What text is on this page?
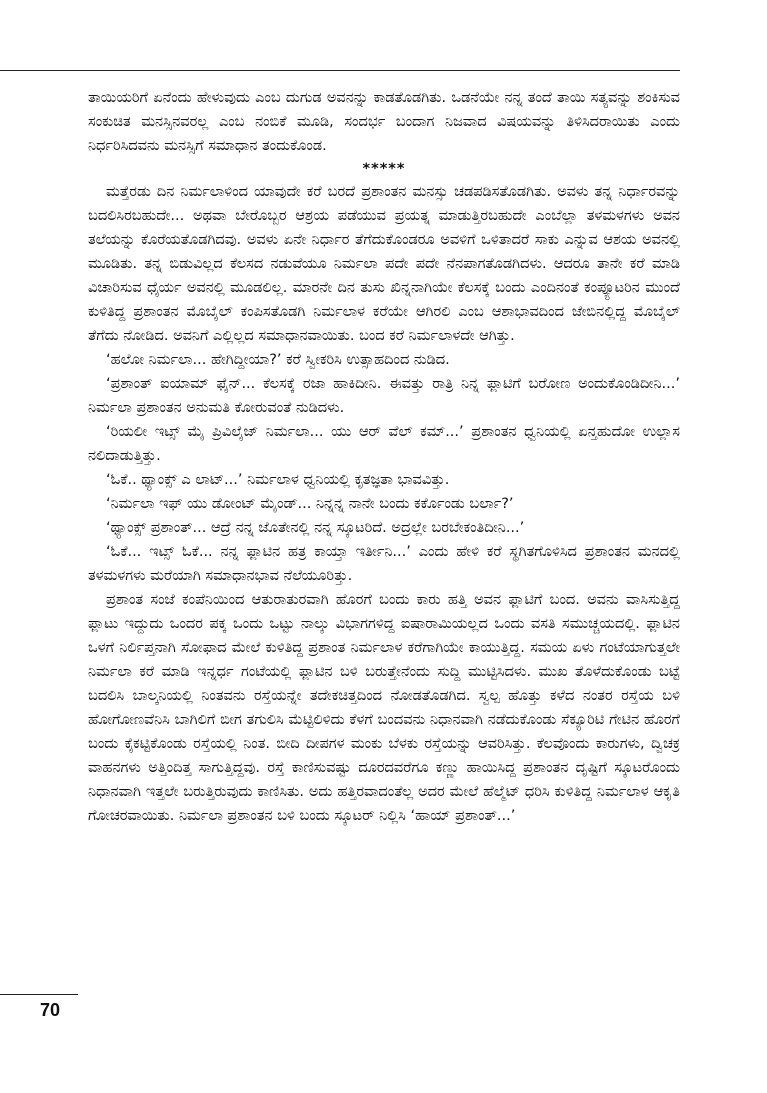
ತಾಯಿಯರಿಗೆ ಏನೆಂದು ಹೇಳುವುದು ಎಂಬ ದುಗುಡ ಅವನನ್ನು ಕಾಡತೊಡಗಿತು. ಒಡನೆಯೇ ನನ್ನ ತಂದೆ ತಾಯಿ ಸತ್ಯವನ್ನು ಶಂಕಿಸುವ ಸಂಕುಚಿತ ಮನಸ್ಸಿನವರಲ್ಲ ಎಂಬ ನಂಬಿಕೆ ಮೂಡಿ, ಸಂದರ್ಭ ಬಂದಾಗ ನಿಜವಾದ ವಿಷಯವನ್ನು ತಿಳಿಸಿದರಾಯಿತು ಎಂದು ನಿರ್ಧರಿಸಿದವನು ಮನಸ್ಸಿಗೆ ಸಮಾಧಾನ ತಂದುಕೊಂಡ.

*****

ಮತ್ತೆರಡು ದಿನ ನಿರ್ಮಲಾಳಿಂದ ಯಾವುದೇ ಕರೆ ಬರದೆ ಪ್ರಶಾಂತನ ಮನಸ್ಸು ಚಡಪಡಿಸತೊಡಗಿತು. ಅವಳು ತನ್ನ ನಿರ್ಧಾರವನ್ನು ಬದಲಿಸಿರಬಹುದೇ... ಅಥವಾ ಬೇರೊಬ್ಬರ ಆಶ್ರಯ ಪಡೆಯುವ ಪ್ರಯತ್ನ ಮಾಡುತ್ತಿರಬಹುದೇ ಎಂಬೆಲ್ಲಾ ತಳಮಳಗಳು ಅವನ ತಲೆಯನ್ನು ಕೊರೆಯತೊಡಗಿದವು. ಅವಳು ಏನೇ ನಿರ್ಧಾರ ತೆಗೆದುಕೊಂಡರೂ ಅವಳಿಗೆ ಒಳಿತಾದರೆ ಸಾಕು ಎನ್ನುವ ಆಶಯ ಅವನಲ್ಲಿ ಮೂಡಿತು. ತನ್ನ ಬಿಡುವಿಲ್ಲದ ಕೆಲಸದ ನಡುವೆಯೂ ನಿರ್ಮಲಾ ಪದೇ ಪದೇ ನೆನಪಾಗತೊಡಗಿದಳು. ಆದರೂ ತಾನೇ ಕರೆ ಮಾಡಿ ವಿಚಾರಿಸುವ ಧೈರ್ಯ ಅವನಲ್ಲಿ ಮೂಡಲಿಲ್ಲ. ಮಾರನೇ ದಿನ ತುಸು ಖಿನ್ನನಾಗಿಯೇ ಕೆಲಸಕ್ಕೆ ಬಂದು ಎಂದಿನಂತೆ ಕಂಪ್ಯೂಟರಿನ ಮುಂದೆ ಕುಳಿತಿದ್ದ ಪ್ರಶಾಂತನ ಮೊಬೈಲ್ ಕಂಪಿಸತೊಡಗಿ ನಿರ್ಮಲಾಳ ಕರೆಯೇ ಆಗಿರಲಿ ಎಂಬ ಆಶಾಭಾವದಿಂದ ಜೇಬಿನಲ್ಲಿದ್ದ ಮೊಬೈಲ್ ತೆಗೆದು ನೋಡಿದ. ಅವನಿಗೆ ಎಲ್ಲಿಲ್ಲದ ಸಮಾಧಾನವಾಯಿತು. ಬಂದ ಕರೆ ನಿರ್ಮಲಾಳದೇ ಆಗಿತ್ತು.

‘ಹಲೋ ನಿರ್ಮಲಾ... ಹೇಗಿದ್ದೀಯಾ?’ ಕರೆ ಸ್ವೀಕರಿಸಿ ಉತ್ಸಾಹದಿಂದ ನುಡಿದ.

‘ಪ್ರಶಾಂತ್ ಐಯಾಮ್ ಫೈನ್... ಕೆಲಸಕ್ಕೆ ರಜಾ ಹಾಕಿದೀನಿ. ಈವತ್ತು ರಾತ್ರಿ ನಿನ್ನ ಫ್ಲಾಟಿಗೆ ಬರೋಣ ಅಂದುಕೊಂಡಿದೀನಿ...’ ನಿರ್ಮಲಾ ಪ್ರಶಾಂತನ ಅನುಮತಿ ಕೋರುವಂತೆ ನುಡಿದಳು.

‘ರಿಯಲೀ ಇಟ್ಸ್ ಮೈ ಪ್ರಿವಿಲೈಜ್ ನಿರ್ಮಲಾ... ಯು ಆರ್ ವೆಲ್ ಕಮ್...’ ಪ್ರಶಾಂತನ ಧ್ವನಿಯಲ್ಲಿ ಏನ್ತಹುದೋ ಉಲ್ಲಾಸ ನಲಿದಾಡುತ್ತಿತ್ತು.

‘ಓಕೆ.. ಥ್ಯಾಂಕ್ಸ್ ಎ ಲಾಟ್...’ ನಿರ್ಮಲಾಳ ಧ್ವನಿಯಲ್ಲಿ ಕೃತಜ್ಞತಾ ಭಾವವಿತ್ತು.

‘ನಿರ್ಮಲಾ ಇಫ್ ಯು ಡೋಂಟ್ ಮೈಂಡ್... ನಿನ್ನನ್ನ ನಾನೇ ಬಂದು ಕರ್ಕೊಂಡು ಬರ್ಲಾ?’

‘ಥ್ಯಾಂಕ್ಸ್ ಪ್ರಶಾಂತ್... ಆದ್ರೆ ನನ್ನ ಜೊತೇನಲ್ಲಿ ನನ್ನ ಸ್ಕೂಟರಿದೆ. ಅದ್ರಲ್ಲೇ ಬರಬೇಕಂತಿದೀನಿ...’

‘ಓಕೆ... ಇಟ್ಸ್ ಓಕೆ... ನನ್ನ ಫ್ಲಾಟಿನ ಹತ್ರ ಕಾಯ್ತಾ ಇರ್ತೀನಿ...’ ಎಂದು ಹೇಳಿ ಕರೆ ಸ್ಥಗಿತಗೊಳಿಸಿದ ಪ್ರಶಾಂತನ ಮನದಲ್ಲಿ ತಳಮಳಗಳು ಮರೆಯಾಗಿ ಸಮಾಧಾನಭಾವ ನೆಲೆಯೂರಿತ್ತು.

ಪ್ರಶಾಂತ ಸಂಜೆ ಕಂಪೆನಿಯಿಂದ ಆತುರಾತುರವಾಗಿ ಹೊರಗೆ ಬಂದು ಕಾರು ಹತ್ತಿ ಅವನ ಫ್ಲಾಟಿಗೆ ಬಂದ. ಅವನು ವಾಸಿಸುತ್ತಿದ್ದ ಫ್ಲಾಟು ಇದ್ದುದು ಒಂದರ ಪಕ್ಕ ಒಂದು ಒಟ್ಟು ನಾಲ್ಕು ವಿಭಾಗಗಳಿದ್ದ ಐಷಾರಾಮಿಯಲ್ಲದ ಒಂದು ವಸತಿ ಸಮುಚ್ಚಯದಲ್ಲಿ. ಫ್ಲಾಟಿನ ಒಳಗೆ ನಿರ್ಲಿಪ್ತನಾಗಿ ಸೋಫಾದ ಮೇಲೆ ಕುಳಿತಿದ್ದ ಪ್ರಶಾಂತ ನಿರ್ಮಲಾಳ ಕರೆಗಾಗಿಯೇ ಕಾಯುತ್ತಿದ್ದ. ಸಮಯ ಏಳು ಗಂಟೆಯಾಗುತ್ತಲೇ ನಿರ್ಮಲಾ ಕರೆ ಮಾಡಿ ಇನ್ನರ್ಧ ಗಂಟೆಯಲ್ಲಿ ಫ್ಲಾಟಿನ ಬಳಿ ಬರುತ್ತೇನೆಂದು ಸುದ್ದಿ ಮುಟ್ಟಿಸಿದಳು. ಮುಖ ತೊಳೆದುಕೊಂಡು ಬಟ್ಟೆ ಬದಲಿಸಿ ಬಾಲ್ಕನಿಯಲ್ಲಿ ನಿಂತವನು ರಸ್ತೆಯನ್ನೇ ತದೇಕಚಿತ್ತದಿಂದ ನೋಡತೊಡಗಿದ. ಸ್ವಲ್ಪ ಹೊತ್ತು ಕಳೆದ ನಂತರ ರಸ್ತೆಯ ಬಳಿ ಹೋಗೋಣವೆನಿಸಿ ಬಾಗಿಲಿಗೆ ಬೀಗ ತಗುಲಿಸಿ ಮೆಟ್ಟಿಲಿಳಿದು ಕೆಳಗೆ ಬಂದವನು ನಿಧಾನವಾಗಿ ನಡೆದುಕೊಂಡು ಸೆಕ್ಯೂರಿಟಿ ಗೇಟಿನ ಹೊರಗೆ ಬಂದು ಕೈಕಟ್ಟಿಕೊಂಡು ರಸ್ತೆಯಲ್ಲಿ ನಿಂತ. ಬೀದಿ ದೀಪಗಳ ಮಂಕು ಬೆಳಕು ರಸ್ತೆಯನ್ನು ಆವರಿಸಿತ್ತು. ಕೆಲವೊಂದು ಕಾರುಗಳು, ದ್ವಿಚಕ್ರ ವಾಹನಗಳು ಅತ್ತಿಂದಿತ್ತ ಸಾಗುತ್ತಿದ್ದವು. ರಸ್ತೆ ಕಾಣಿಸುವಷ್ಟು ದೂರದವರೆಗೂ ಕಣ್ಣು ಹಾಯಿಸಿದ್ದ ಪ್ರಶಾಂತನ ದೃಷ್ಟಿಗೆ ಸ್ಕೂಟರೊಂದು ನಿಧಾನವಾಗಿ ಇತ್ತಲೇ ಬರುತ್ತಿರುವುದು ಕಾಣಿಸಿತು. ಅದು ಹತ್ತಿರವಾದಂತೆಲ್ಲ ಅದರ ಮೇಲೆ ಹೆಲ್ಮೆಟ್ ಧರಿಸಿ ಕುಳಿತಿದ್ದ ನಿರ್ಮಲಾಳ ಆಕೃತಿ ಗೋಚರವಾಯಿತು. ನಿರ್ಮಲಾ ಪ್ರಶಾಂತನ ಬಳಿ ಬಂದು ಸ್ಕೂಟರ್ ನಿಲ್ಲಿಸಿ ‘ಹಾಯ್ ಪ್ರಶಾಂತ್...’

70
